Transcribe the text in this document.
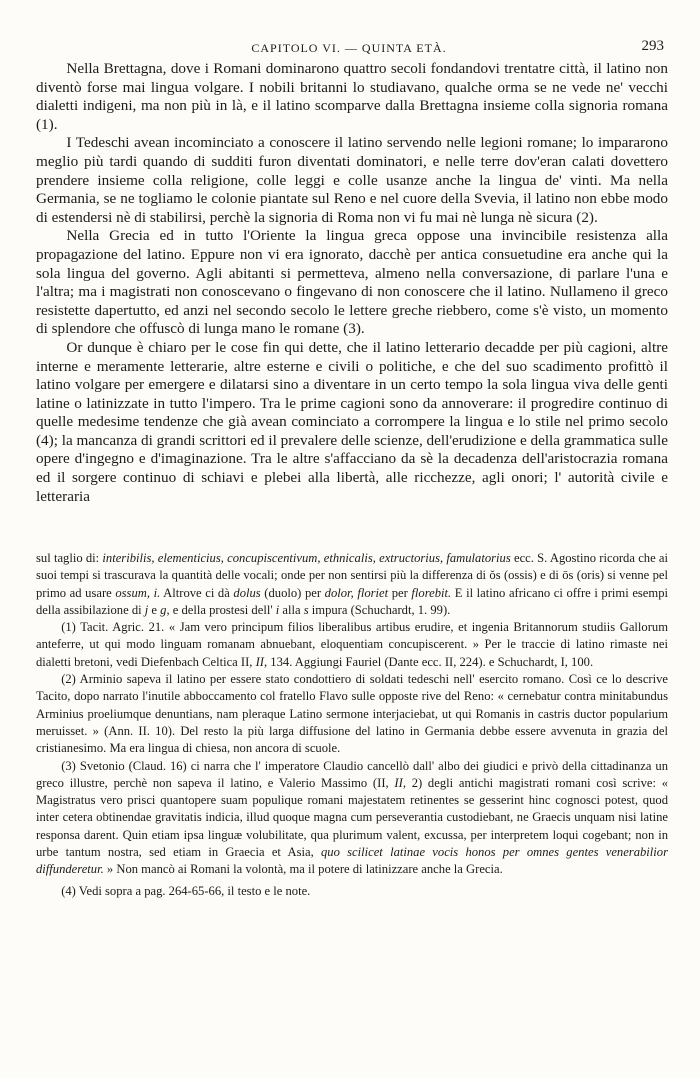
CAPITOLO VI. — QUINTA ETÀ.	293

Nella Brettagna, dove i Romani dominarono quattro secoli fondandovi trentatre città, il latino non diventò forse mai lingua volgare. I nobili britanni lo studiavano, qualche orma se ne vede ne' vecchi dialetti indigeni, ma non più in là, e il latino scomparve dalla Brettagna insieme colla signoria romana (1).

I Tedeschi avean incominciato a conoscere il latino servendo nelle legioni romane; lo impararono meglio più tardi quando di sudditi furon diventati dominatori, e nelle terre dov'eran calati dovettero prendere insieme colla religione, colle leggi e colle usanze anche la lingua de' vinti. Ma nella Germania, se ne togliamo le colonie piantate sul Reno e nel cuore della Svevia, il latino non ebbe modo di estendersi nè di stabilirsi, perchè la signoria di Roma non vi fu mai nè lunga nè sicura (2).

Nella Grecia ed in tutto l'Oriente la lingua greca oppose una invincibile resistenza alla propagazione del latino. Eppure non vi era ignorato, dacchè per antica consuetudine era anche qui la sola lingua del governo. Agli abitanti si permetteva, almeno nella conversazione, di parlare l'una e l'altra; ma i magistrati non conoscevano o fingevano di non conoscere che il latino. Nullameno il greco resistette dapertutto, ed anzi nel secondo secolo le lettere greche riebbero, come s'è visto, un momento di splendore che offuscò di lunga mano le romane (3).

Or dunque è chiaro per le cose fin qui dette, che il latino letterario decadde per più cagioni, altre interne e meramente letterarie, altre esterne e civili o politiche, e che del suo scadimento profittò il latino volgare per emergere e dilatarsi sino a diventare in un certo tempo la sola lingua viva delle genti latine o latinizzate in tutto l'impero. Tra le prime cagioni sono da annoverare: il progredire continuo di quelle medesime tendenze che già avean cominciato a corrompere la lingua e lo stile nel primo secolo (4); la mancanza di grandi scrittori ed il prevalere delle scienze, dell'erudizione e della grammatica sulle opere d'ingegno e d'imaginazione. Tra le altre s'affacciano da sè la decadenza dell'aristocrazia romana ed il sorgere continuo di schiavi e plebei alla libertà, alle ricchezze, agli onori; l' autorità civile e letteraria

sul taglio di: interibilis, elementicius, concupiscentivum, ethnicalis, extructorius, famulatorius ecc. S. Agostino ricorda che ai suoi tempi si trascurava la quantità delle vocali; onde per non sentirsi più la differenza di ŏs (ossis) e di ōs (oris) si venne pel primo ad usare ossum, i. Altrove ci dà dolus (duolo) per dolor, floriet per florebit. E il latino africano ci offre i primi esempi della assibilazione di j e g, e della prostesi dell' i alla s impura (Schuchardt, 1. 99).

(1) Tacit. Agric. 21. « Jam vero principum filios liberalibus artibus erudire, et ingenia Britannorum studiis Gallorum anteferre, ut qui modo linguam romanam abnuebant, eloquentiam concupiscerent. » Per le traccie di latino rimaste nei dialetti bretoni, vedi Diefenbach Celtica II, II, 134. Aggiungi Fauriel (Dante ecc. II, 224). e Schuchardt, I, 100.

(2) Arminio sapeva il latino per essere stato condottiero di soldati tedeschi nell' esercito romano. Così ce lo descrive Tacito, dopo narrato l'inutile abboccamento col fratello Flavo sulle opposte rive del Reno: « cernebatur contra minitabundus Arminius proeliumque denuntians, nam pleraque Latino sermone interjaciebat, ut qui Romanis in castris ductor popularium meruisset. » (Ann. II. 10). Del resto la più larga diffusione del latino in Germania debbe essere avvenuta in grazia del cristianesimo. Ma era lingua di chiesa, non ancora di scuole.

(3) Svetonio (Claud. 16) ci narra che l' imperatore Claudio cancellò dall' albo dei giudici e privò della cittadinanza un greco illustre, perchè non sapeva il latino, e Valerio Massimo (II, II, 2) degli antichi magistrati romani così scrive: « Magistratus vero prisci quantopere suam populique romani majestatem retinentes se gesserint hinc cognosci potest, quod inter cetera obtinendae gravitatis indicia, illud quoque magna cum perseverantia custodiebant, ne Graecis unquam nisi latine responsa darent. Quin etiam ipsa linguæ volubilitate, qua plurimum valent, excussa, per interpretem loqui cogebant; non in urbe tantum nostra, sed etiam in Graecia et Asia, quo scilicet latinae vocis honos per omnes gentes venerabilior diffunderetur. » Non mancò ai Romani la volontà, ma il potere di latinizzare anche la Grecia.

(4) Vedi sopra a pag. 264-65-66, il testo e le note.
